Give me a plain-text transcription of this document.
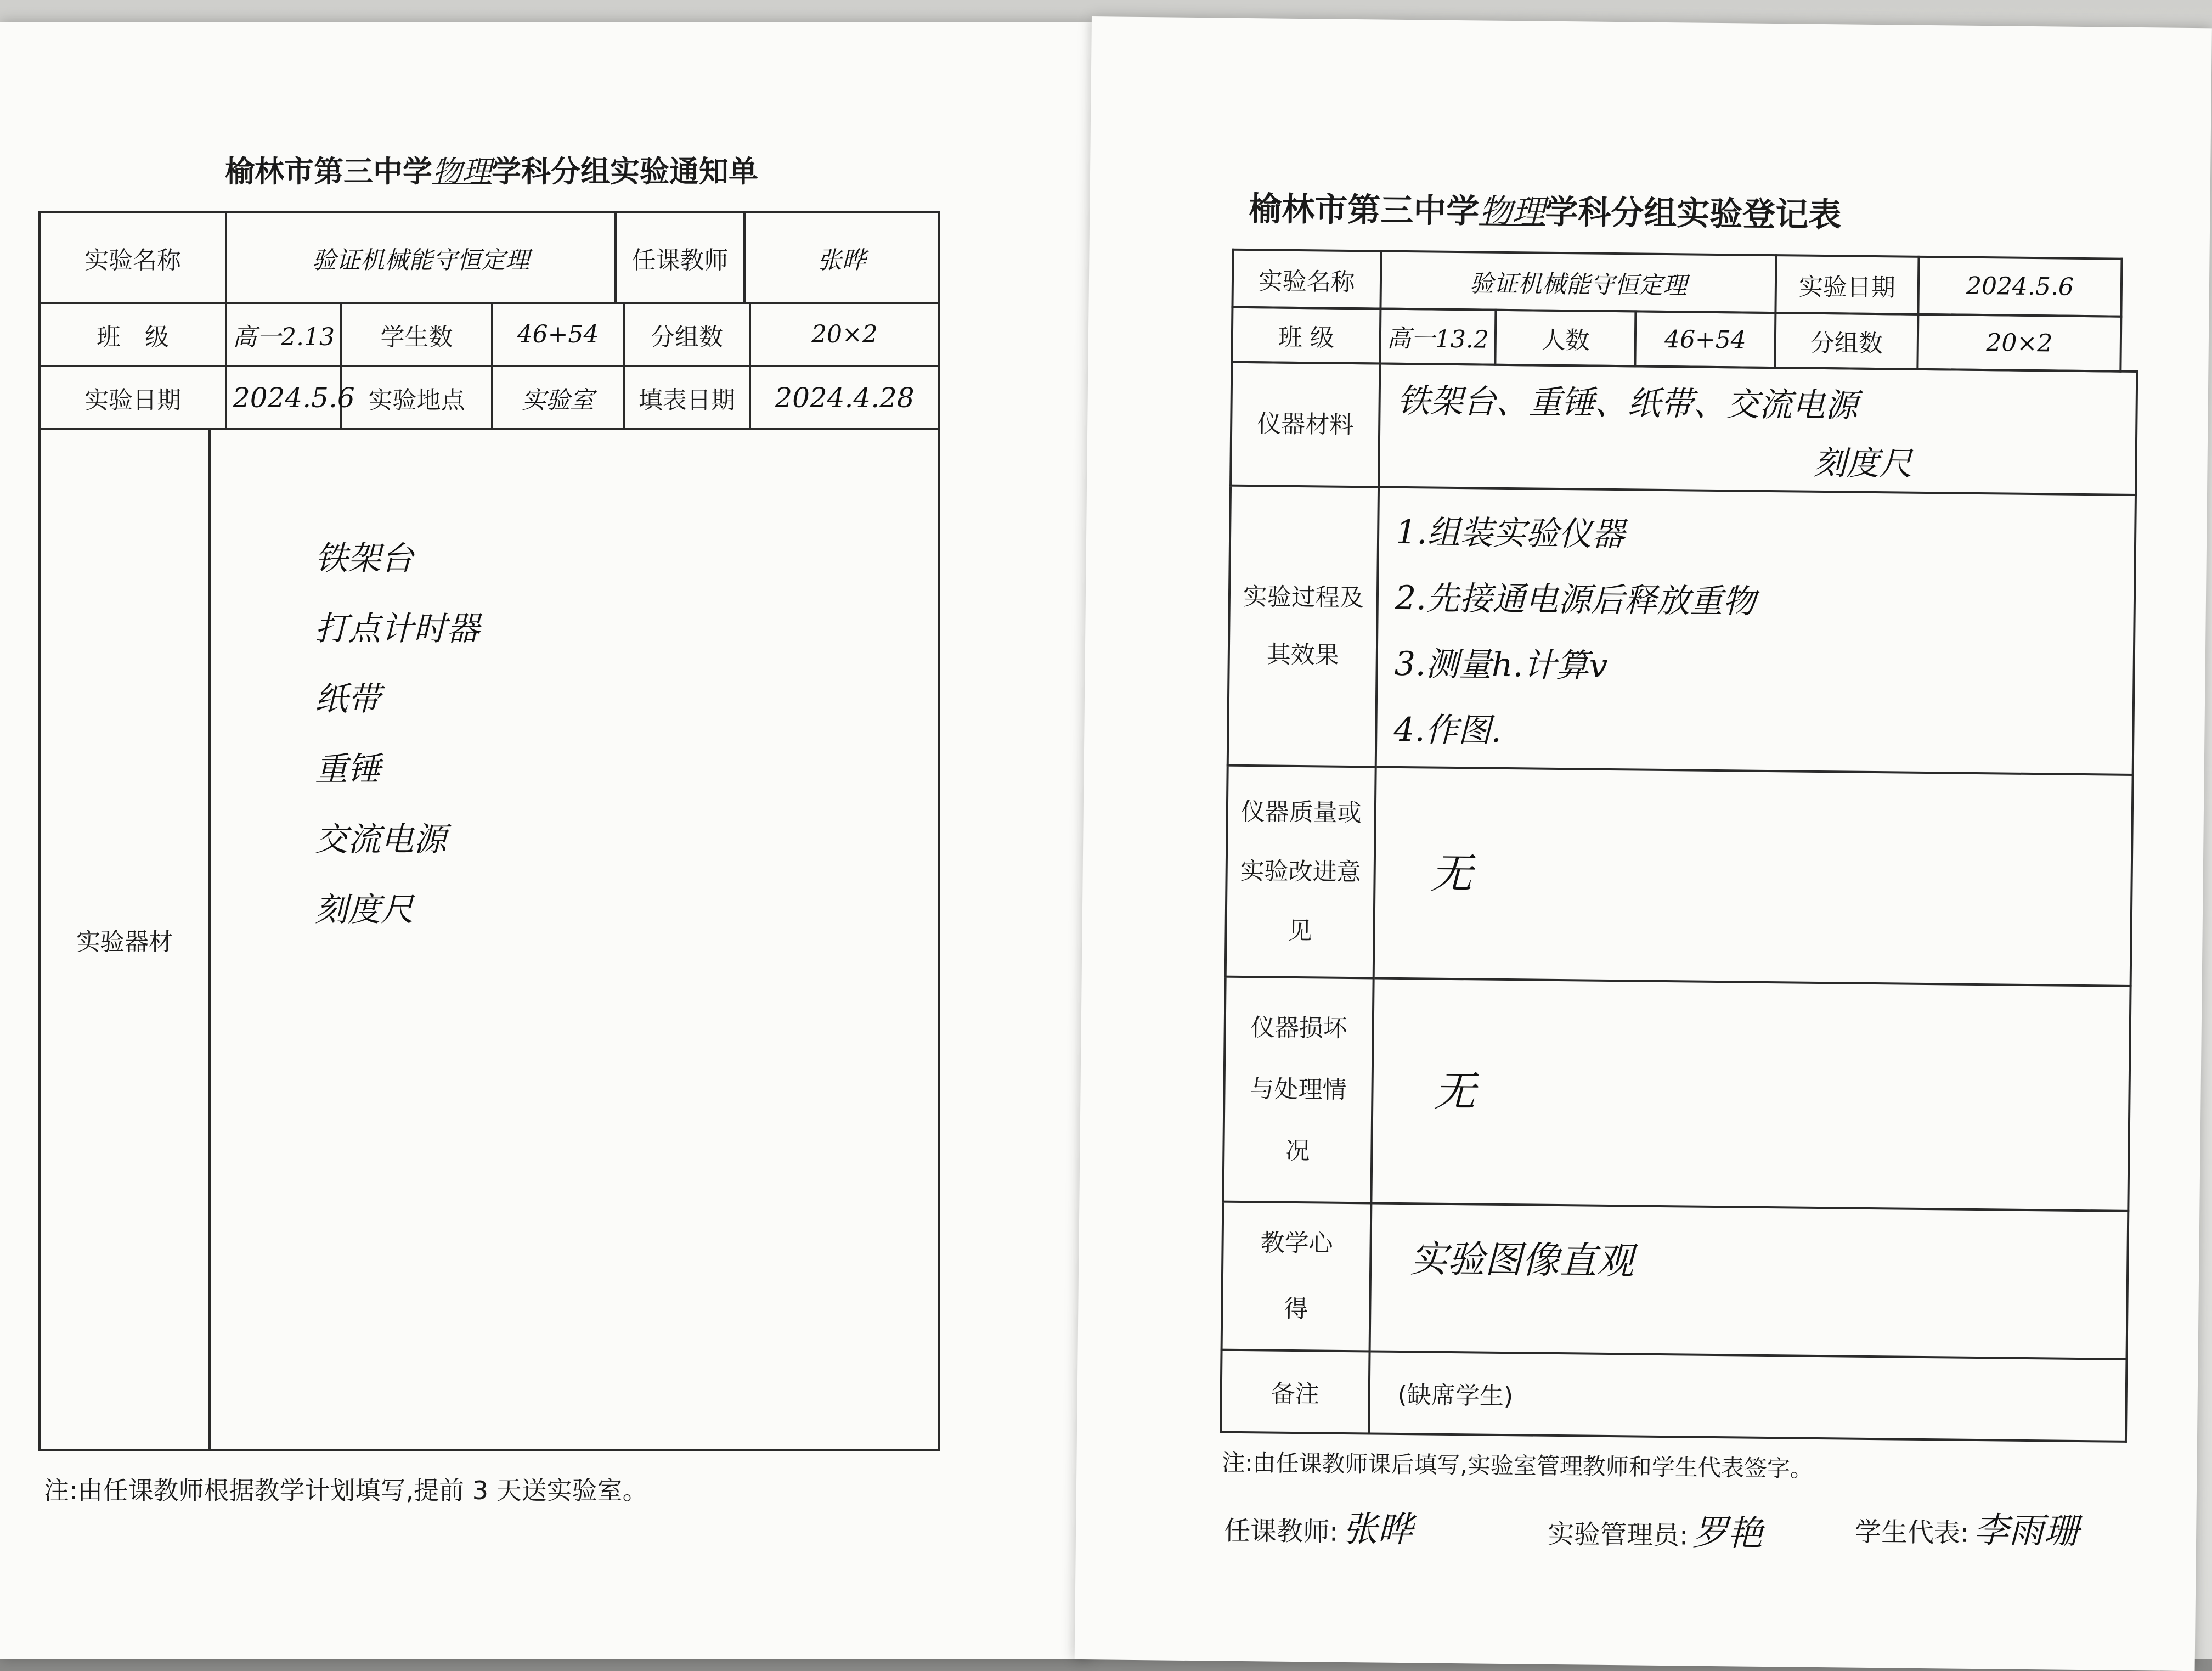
榆林市第三中学物理学科分组实验通知单
实验名称	验证机械能守恒定理	任课教师	张晔

班　级	高一2.13	学生数	46+54	分组数	20×2
实验日期	2024.5.6	实验地点	实验室	填表日期	2024.4.28
实验器材	
铁架台
打点计时器
纸带
重锤
交流电源
刻度尺
注:由任课教师根据教学计划填写,提前 3 天送实验室。
榆林市第三中学物理学科分组实验登记表
实验名称	验证机械能守恒定理	实验日期	2024.5.6
班 级	高一13.2	人数	46+54	分组数	20×2
仪器材料	铁架台、重锤、纸带、交流电源
刻度尺

实验过程及其效果	1.组装实验仪器
2.先接通电源后释放重物
3.测量h.计算v
4.作图.

仪器质量或实验改进意见	无

仪器损坏与处理情况	无

教学心得	实验图像直观

备注	(缺席学生)
注:由任课教师课后填写,实验室管理教师和学生代表签字。
任课教师: 张晔	实验管理员: 罗艳	学生代表: 李雨珊
